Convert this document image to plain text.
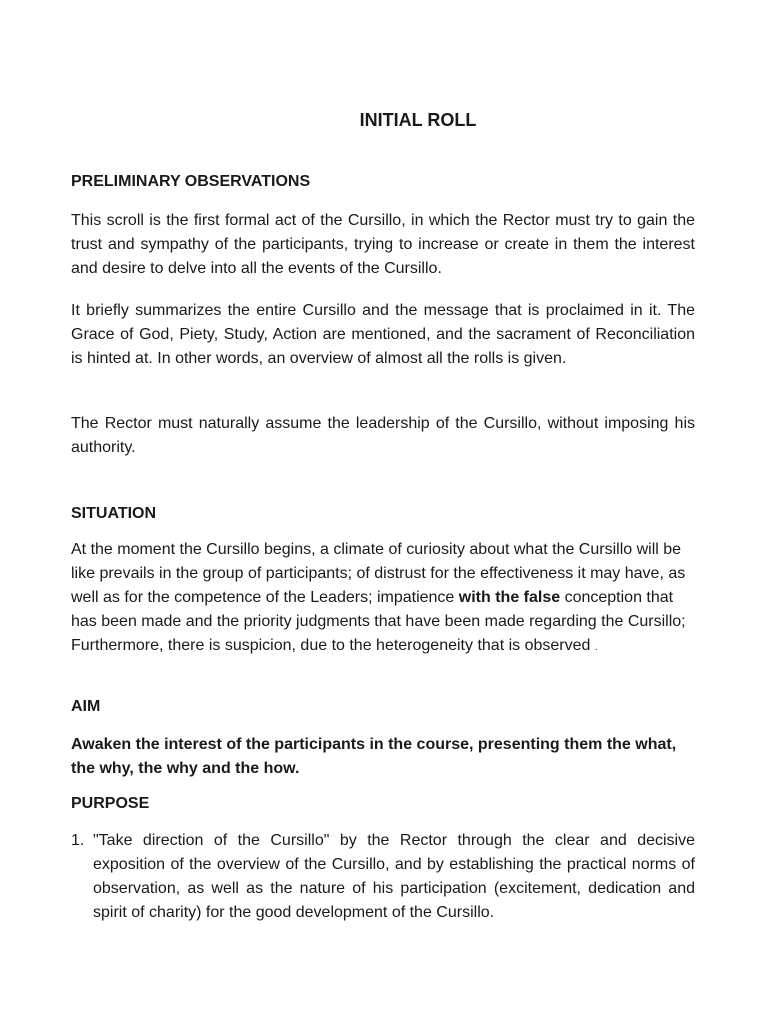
INITIAL ROLL
PRELIMINARY OBSERVATIONS

This scroll is the first formal act of the Cursillo, in which the Rector must try to gain the trust and sympathy of the participants, trying to increase or create in them the interest and desire to delve into all the events of the Cursillo.

It briefly summarizes the entire Cursillo and the message that is proclaimed in it. The Grace of God, Piety, Study, Action are mentioned, and the sacrament of Reconciliation is hinted at. In other words, an overview of almost all the rolls is given.

The Rector must naturally assume the leadership of the Cursillo, without imposing his authority.

SITUATION

At the moment the Cursillo begins, a climate of curiosity about what the Cursillo will be like prevails in the group of participants; of distrust for the effectiveness it may have, as well as for the competence of the Leaders; impatience with the false conception that has been made and the priority judgments that have been made regarding the Cursillo; Furthermore, there is suspicion, due to the heterogeneity that is observed .

AIM

Awaken the interest of the participants in the course, presenting them the what, the why, the why and the how.

PURPOSE
1. "Take direction of the Cursillo" by the Rector through the clear and decisive exposition of the overview of the Cursillo, and by establishing the practical norms of observation, as well as the nature of his participation (excitement, dedication and spirit of charity) for the good development of the Cursillo.
